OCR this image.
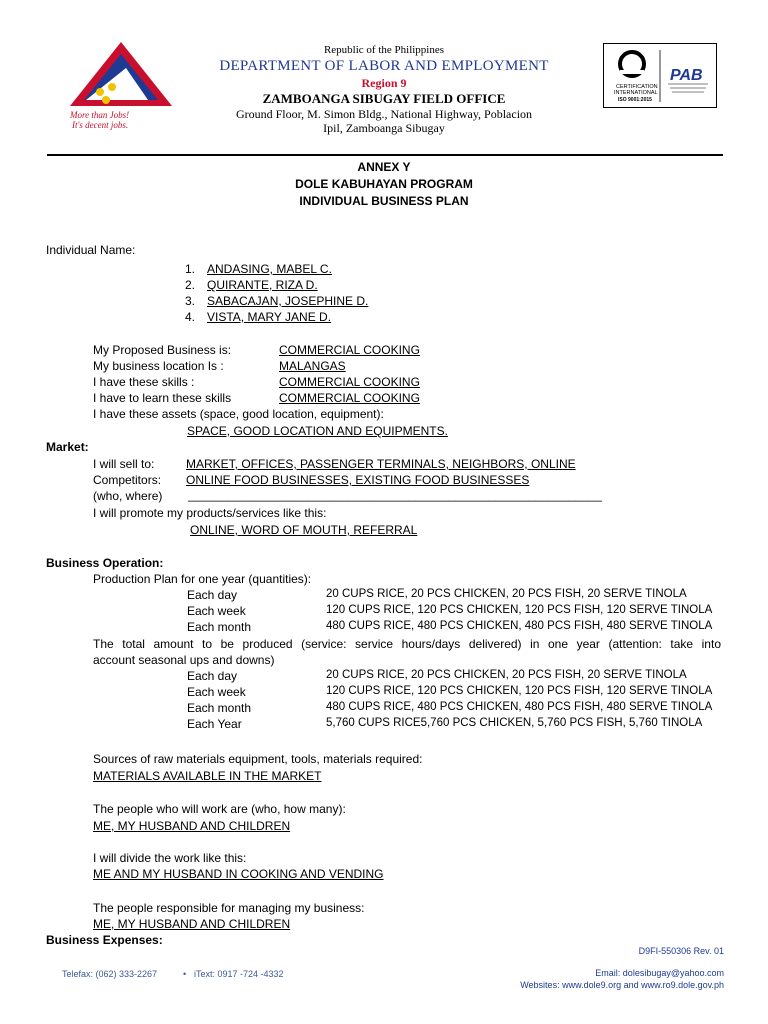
More than Jobs!
It's decent jobs.
Republic of the Philippines
DEPARTMENT OF LABOR AND EMPLOYMENT
Region 9
ZAMBOANGA SIBUGAY FIELD OFFICE
Ground Floor, M. Simon Bldg., National Highway, Poblacion
Ipil, Zamboanga Sibugay
CERTIFICATION
INTERNATIONAL
ISO 9001:2015
PAB
ANNEX Y
DOLE KABUHAYAN PROGRAM
INDIVIDUAL BUSINESS PLAN
Individual Name:
1. ANDASING, MABEL C.
2. QUIRANTE, RIZA D.
3. SABACAJAN, JOSEPHINE D.
4. VISTA, MARY JANE D.
My Proposed Business is:	COMMERCIAL COOKING
My business location Is :	MALANGAS
I have these skills :	COMMERCIAL COOKING
I have to learn these skills	COMMERCIAL COOKING
I have these assets (space, good location, equipment):
SPACE, GOOD LOCATION AND EQUIPMENTS.
Market:
I will sell to:	MARKET, OFFICES, PASSENGER TERMINALS, NEIGHBORS, ONLINE
Competitors: ONLINE FOOD BUSINESSES, EXISTING FOOD BUSINESSES
(who, where) ______________________________________________________________
I will promote my products/services like this:
ONLINE, WORD OF MOUTH, REFERRAL
Business Operation:
Production Plan for one year (quantities):
Each day	20 CUPS RICE, 20 PCS CHICKEN, 20 PCS FISH, 20 SERVE TINOLA
Each week	120 CUPS RICE, 120 PCS CHICKEN, 120 PCS FISH, 120 SERVE TINOLA
Each month	480 CUPS RICE, 480 PCS CHICKEN, 480 PCS FISH, 480 SERVE TINOLA
The total amount to be produced (service: service hours/days delivered) in one year (attention: take into
account seasonal ups and downs)
Each day	20 CUPS RICE, 20 PCS CHICKEN, 20 PCS FISH, 20 SERVE TINOLA
Each week	120 CUPS RICE, 120 PCS CHICKEN, 120 PCS FISH, 120 SERVE TINOLA
Each month	480 CUPS RICE, 480 PCS CHICKEN, 480 PCS FISH, 480 SERVE TINOLA
Each Year	5,760 CUPS RICE5,760 PCS CHICKEN, 5,760 PCS FISH, 5,760 TINOLA
Sources of raw materials equipment, tools, materials required:
MATERIALS AVAILABLE IN THE MARKET
The people who will work are (who, how many):
ME, MY HUSBAND AND CHILDREN
I will divide the work like this:
ME AND MY HUSBAND IN COOKING AND VENDING
The people responsible for managing my business:
ME, MY HUSBAND AND CHILDREN
Business Expenses:
D9FI-550306 Rev. 01
Telefax: (062) 333-2267	• iText: 0917 -724 -4332	Email: dolesibugay@yahoo.com
Websites: www.dole9.org and www.ro9.dole.gov.ph
